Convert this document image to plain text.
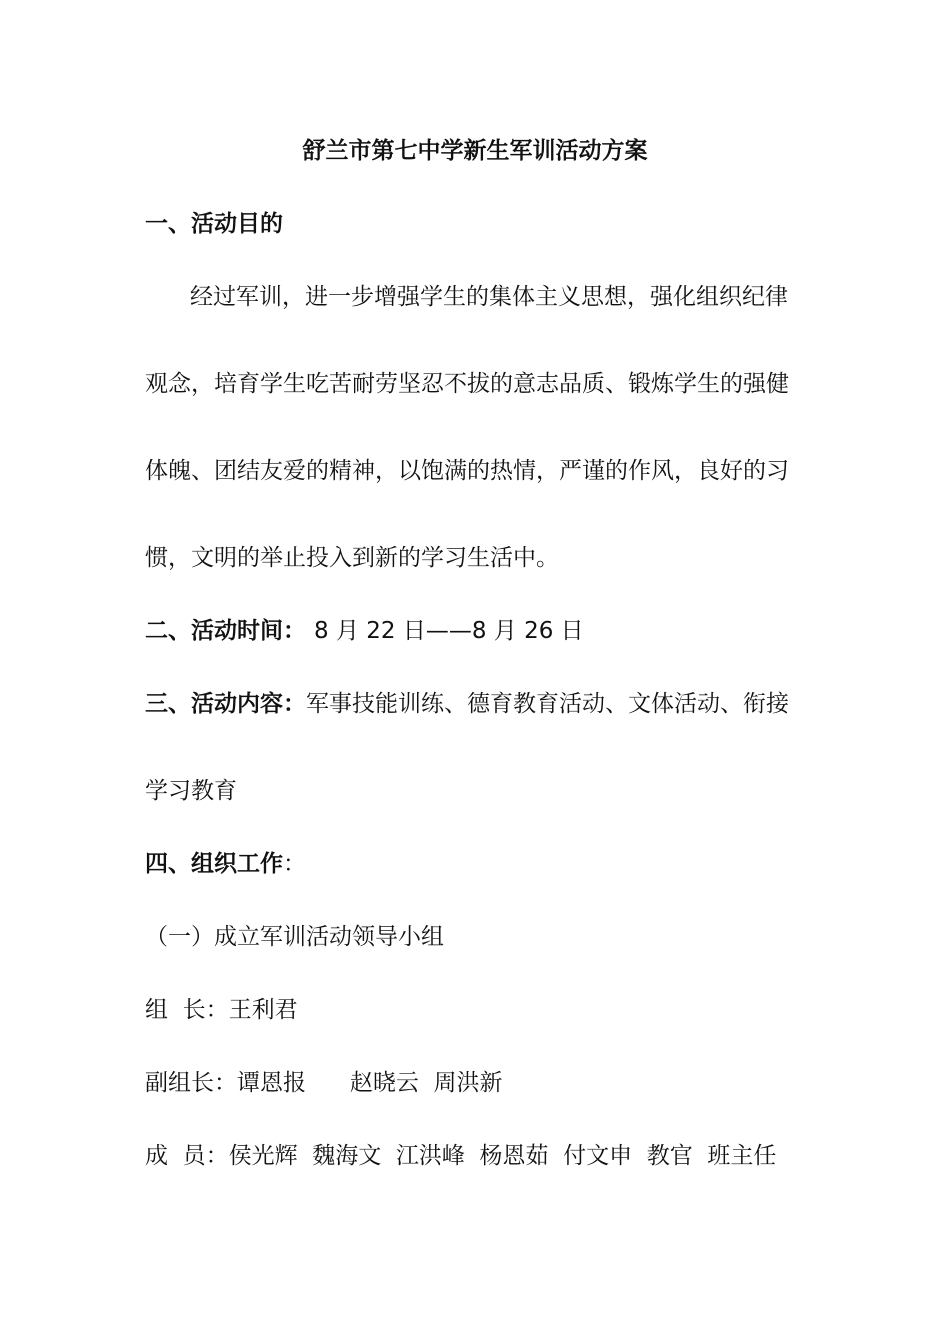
舒兰市第七中学新生军训活动方案
一、活动目的
经过军训，进一步增强学生的集体主义思想，强化组织纪律
观念，培育学生吃苦耐劳坚忍不拔的意志品质、锻炼学生的强健
体魄、团结友爱的精神，以饱满的热情，严谨的作风，良好的习
惯，文明的举止投入到新的学习生活中。
二、活动时间： 8 月 22 日——8 月 26 日
三、活动内容：军事技能训练、德育教育活动、文体活动、衔接
学习教育
四、组织工作：
（一）成立军训活动领导小组
组  长：王利君
副组长：谭恩报      赵晓云  周洪新
成  员：侯光辉  魏海文  江洪峰  杨恩茹  付文申  教官  班主任
